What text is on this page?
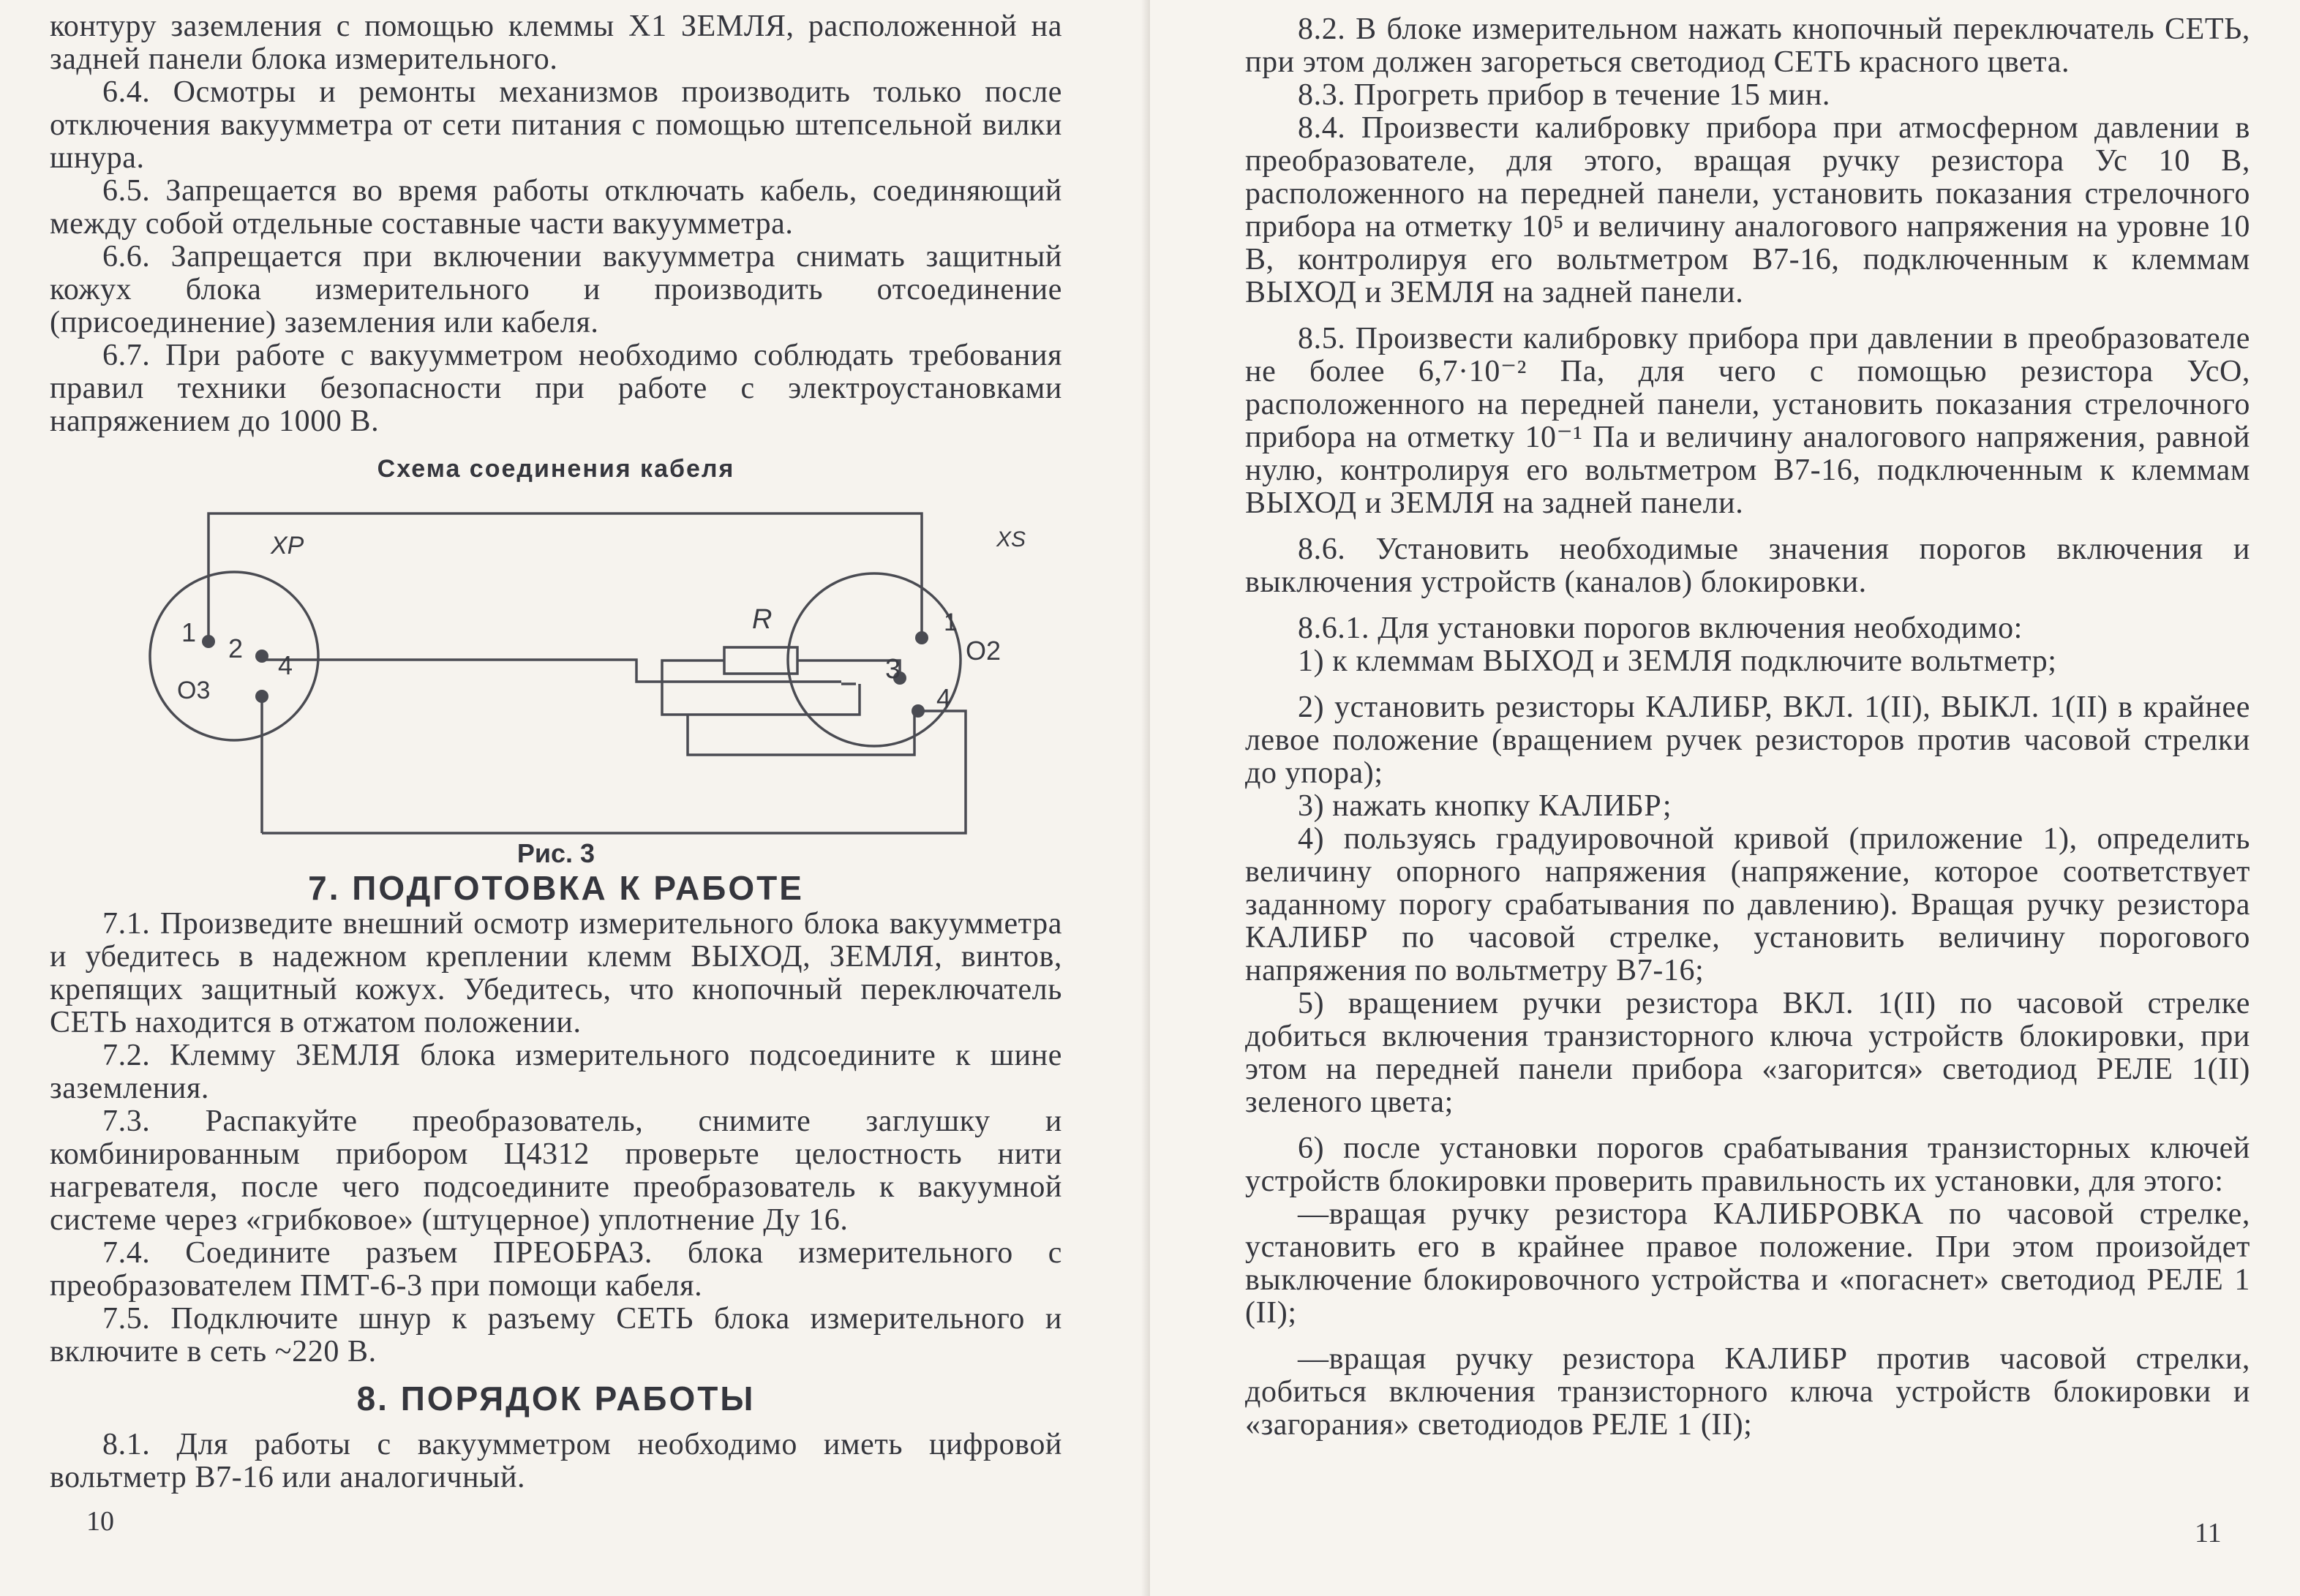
контуру заземления с помощью клеммы Х1 ЗЕМЛЯ, расположенной на задней панели блока измерительного.

6.4. Осмотры и ремонты механизмов производить только после отключения вакуумметра от сети питания с помощью штепсельной вилки шнура.

6.5. Запрещается во время работы отключать кабель, соединяющий между собой отдельные составные части вакуумметра.

6.6. Запрещается при включении вакуумметра снимать защитный кожух блока измерительного и производить отсоединение (присоединение) заземления или кабеля.

6.7. При работе с вакуумметром необходимо соблюдать требования правил техники безопасности при работе с электроустановками напряжением до 1000 В.

Схема соединения кабеля

ХР	XS
R
1
2
4
О3
1
О2
3
4

Рис. 3

7. ПОДГОТОВКА К РАБОТЕ

7.1. Произведите внешний осмотр измерительного блока вакуумметра и убедитесь в надежном креплении клемм ВЫХОД, ЗЕМЛЯ, винтов, крепящих защитный кожух. Убедитесь, что кнопочный переключатель СЕТЬ находится в отжатом положении.

7.2. Клемму ЗЕМЛЯ блока измерительного подсоедините к шине заземления.

7.3. Распакуйте преобразователь, снимите заглушку и комбинированным прибором Ц4312 проверьте целостность нити нагревателя, после чего подсоедините преобразователь к вакуумной системе через «грибковое» (штуцерное) уплотнение Ду 16.

7.4. Соедините разъем ПРЕОБРАЗ. блока измерительного с преобразователем ПМТ-6-3 при помощи кабеля.

7.5. Подключите шнур к разъему СЕТЬ блока измерительного и включите в сеть ~220 В.

8. ПОРЯДОК РАБОТЫ

8.1. Для работы с вакуумметром необходимо иметь цифровой вольтметр В7-16 или аналогичный.

10

8.2. В блоке измерительном нажать кнопочный переключатель СЕТЬ, при этом должен загореться светодиод СЕТЬ красного цвета.

8.3. Прогреть прибор в течение 15 мин.

8.4. Произвести калибровку прибора при атмосферном давлении в преобразователе, для этого, вращая ручку резистора Ус 10 В, расположенного на передней панели, установить показания стрелочного прибора на отметку 10⁵ и величину аналогового напряжения на уровне 10 В, контролируя его вольтметром В7-16, подключенным к клеммам ВЫХОД и ЗЕМЛЯ на задней панели.

8.5. Произвести калибровку прибора при давлении в преобразователе не более 6,7·10⁻² Па, для чего с помощью резистора УсО, расположенного на передней панели, установить показания стрелочного прибора на отметку 10⁻¹ Па и величину аналогового напряжения, равной нулю, контролируя его вольтметром В7-16, подключенным к клеммам ВЫХОД и ЗЕМЛЯ на задней панели.

8.6. Установить необходимые значения порогов включения и выключения устройств (каналов) блокировки.

8.6.1. Для установки порогов включения необходимо:

1) к клеммам ВЫХОД и ЗЕМЛЯ подключите вольтметр;

2) установить резисторы КАЛИБР, ВКЛ. 1(II), ВЫКЛ. 1(II) в крайнее левое положение (вращением ручек резисторов против часовой стрелки до упора);

3) нажать кнопку КАЛИБР;

4) пользуясь градуировочной кривой (приложение 1), определить величину опорного напряжения (напряжение, которое соответствует заданному порогу срабатывания по давлению). Вращая ручку резистора КАЛИБР по часовой стрелке, установить величину порогового напряжения по вольтметру В7-16;

5) вращением ручки резистора ВКЛ. 1(II) по часовой стрелке добиться включения транзисторного ключа устройств блокировки, при этом на передней панели прибора «загорится» светодиод РЕЛЕ 1(II) зеленого цвета;

6) после установки порогов срабатывания транзисторных ключей устройств блокировки проверить правильность их установки, для этого:

—вращая ручку резистора КАЛИБРОВКА по часовой стрелке, установить его в крайнее правое положение. При этом произойдет выключение блокировочного устройства и «погаснет» светодиод РЕЛЕ 1 (II);

—вращая ручку резистора КАЛИБР против часовой стрелки, добиться включения транзисторного ключа устройств блокировки и «загорания» светодиодов РЕЛЕ 1 (II);

11
